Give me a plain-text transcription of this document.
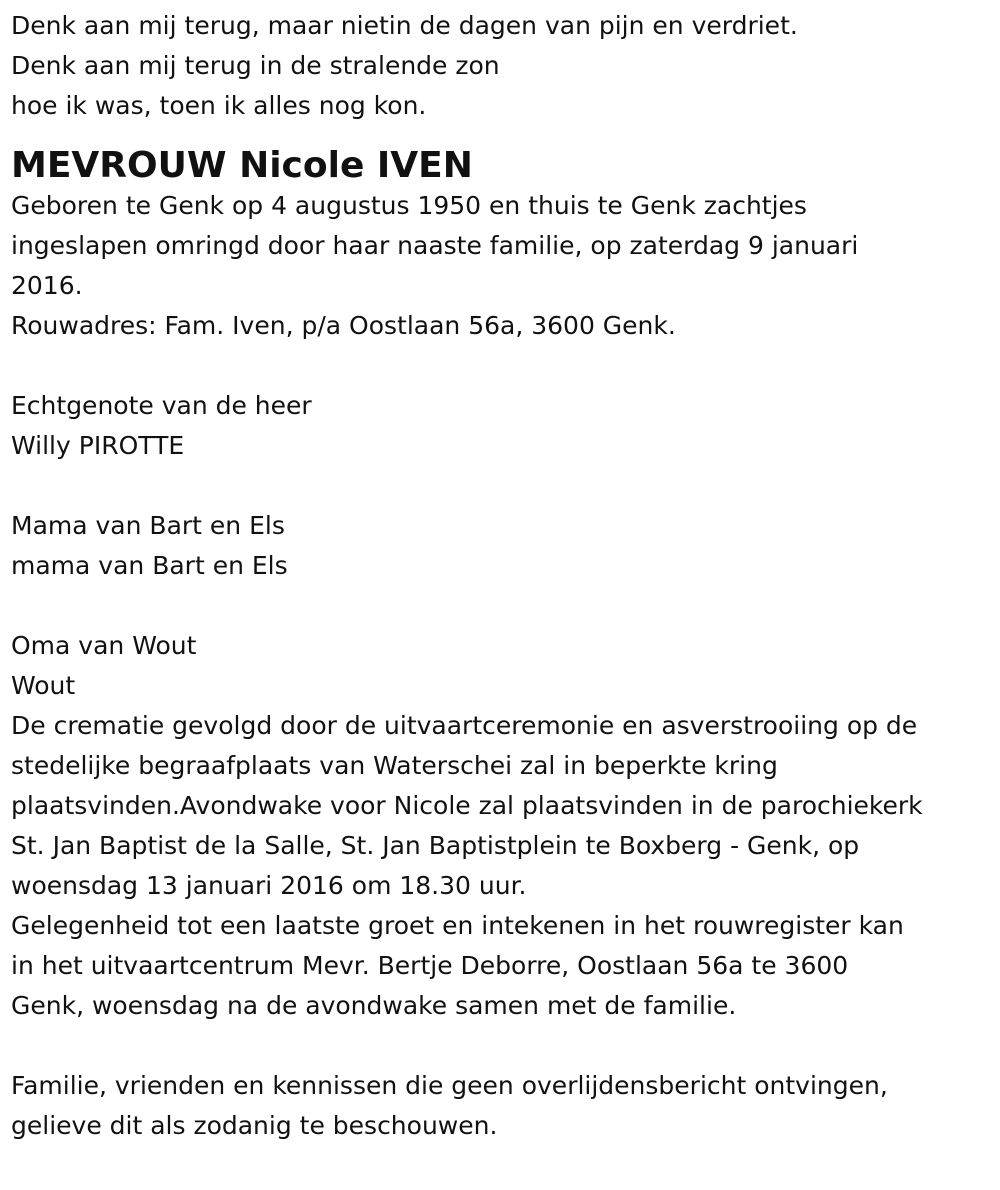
Denk aan mij terug, maar nietin de dagen van pijn en verdriet.
Denk aan mij terug in de stralende zon
hoe ik was, toen ik alles nog kon.
MEVROUW Nicole IVEN
Geboren te Genk op 4 augustus 1950 en thuis te Genk zachtjes
ingeslapen omringd door haar naaste familie, op zaterdag 9 januari
2016.
Rouwadres: Fam. Iven, p/a Oostlaan 56a, 3600 Genk.
Echtgenote van de heer
Willy PIROTTE
Mama van Bart en Els
mama van Bart en Els
Oma van Wout
Wout
De crematie gevolgd door de uitvaartceremonie en asverstrooiing op de
stedelijke begraafplaats van Waterschei zal in beperkte kring
plaatsvinden.Avondwake voor Nicole zal plaatsvinden in de parochiekerk
St. Jan Baptist de la Salle, St. Jan Baptistplein te Boxberg - Genk, op
woensdag 13 januari 2016 om 18.30 uur.
Gelegenheid tot een laatste groet en intekenen in het rouwregister kan
in het uitvaartcentrum Mevr. Bertje Deborre, Oostlaan 56a te 3600
Genk, woensdag na de avondwake samen met de familie.
Familie, vrienden en kennissen die geen overlijdensbericht ontvingen,
gelieve dit als zodanig te beschouwen.
